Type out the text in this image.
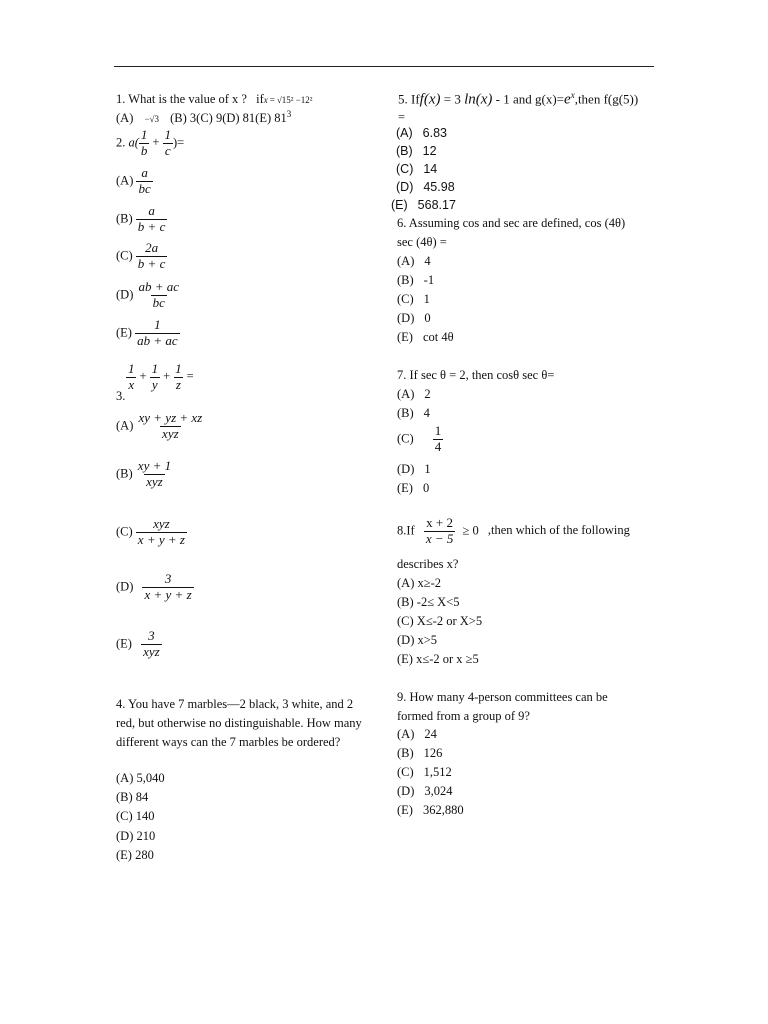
1. What is the value of x ? ifx = √15² −12²
(A) −√3 (B) 3(C) 9(D) 81(E) $81^3$
2. $a( \frac{1}{b} + \frac{1}{c}$ )=
$(A) \frac{a}{bc}$
$(B) \frac{a}{b + c}$
$(C) \frac{2a}{b + c}$
$(D) \frac{ab + ac}{bc}$
$(E) \frac{1}{ab + ac}$
$\frac{1}{x} + \frac{1}{y} + \frac{1}{z}$ =
3.
$(A) \frac{xy + yz + xz}{\text{xyz}}$
$(B) \frac{xy + 1}{\text{xyz}}$
$(C) \frac{\text{xyz}}{x + y + z}$
$(D) \frac{3}{x + y + z}$
$(E) \frac{3}{\text{xyz}}$
4. You have 7 marbles—2 black, 3 white, and 2 red, but otherwise no distinguishable. How many different ways can the 7 marbles be ordered?
(A) 5,040
(B) 84
(C) 140
(D) 210
(E) 280
5. Iff(x) = 3 ln(x) - 1 and $g(x)=e^x,then$ f(g(5))
=
(A) 6.83
(B) 12
(C) 14
(D) 45.98
(E) 568.17
6. Assuming cos and sec are defined, cos (4θ)
sec (4θ) =
(A) 4
(B) -1
(C) 1
(D) 0
(E) cot 4θ
7. If sec θ = 2, then cosθ sec θ=
(A) 2
(B) 4
$(C) \frac{1}{4}$
(D) 1
(E) 0
$8.If \frac{x + 2}{x - 5} \ge 0$ ,then which of the following
describes x?
(A) x≥-2
(B) -2≤ X<5
(C) X≤-2 or X>5
(D) x>5
(E) x≤-2 or x ≥5
9. How many 4-person committees can be
formed from a group of 9?
(A) 24
(B) 126
(C) 1,512
(D) 3,024
(E) 362,880
